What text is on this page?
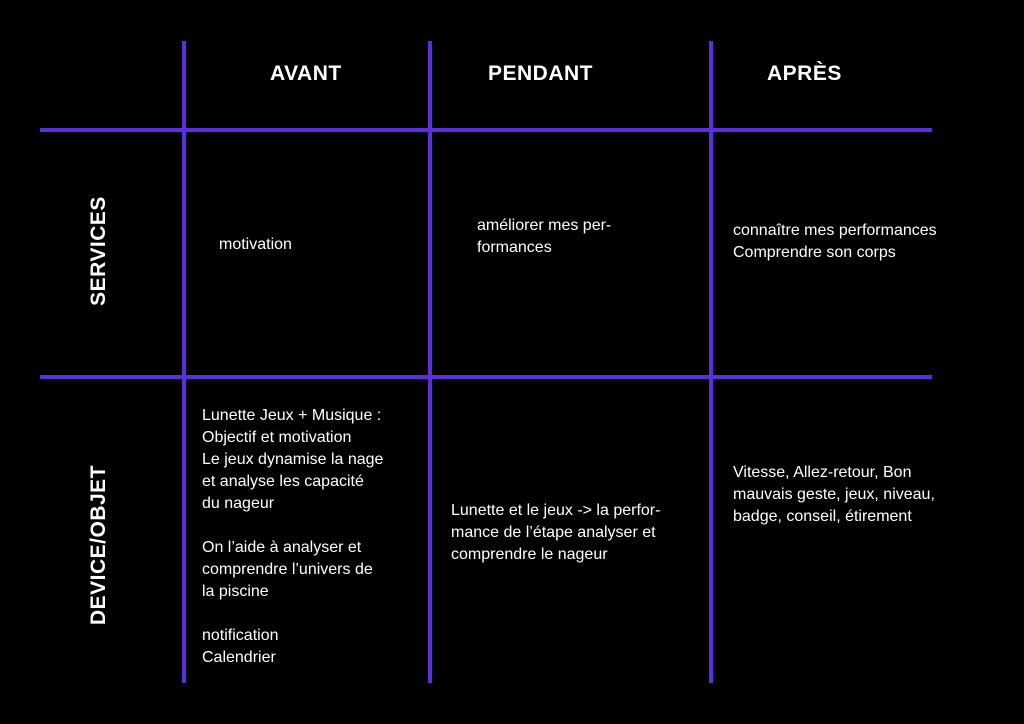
AVANT	PENDANT	APRÈS
SERVICES
DEVICE/OBJET
motivation
améliorer mes per-
formances
connaître mes performances
Comprendre son corps
Lunette Jeux + Musique :
Objectif et motivation
Le jeux dynamise la nage
et analyse les capacité
du nageur

On l’aide à analyser et
comprendre l’univers de
la piscine

notification
Calendrier
Lunette et le jeux -> la perfor-
mance de l’étape analyser et
comprendre le nageur
Vitesse, Allez-retour, Bon
mauvais geste, jeux, niveau,
badge, conseil, étirement
